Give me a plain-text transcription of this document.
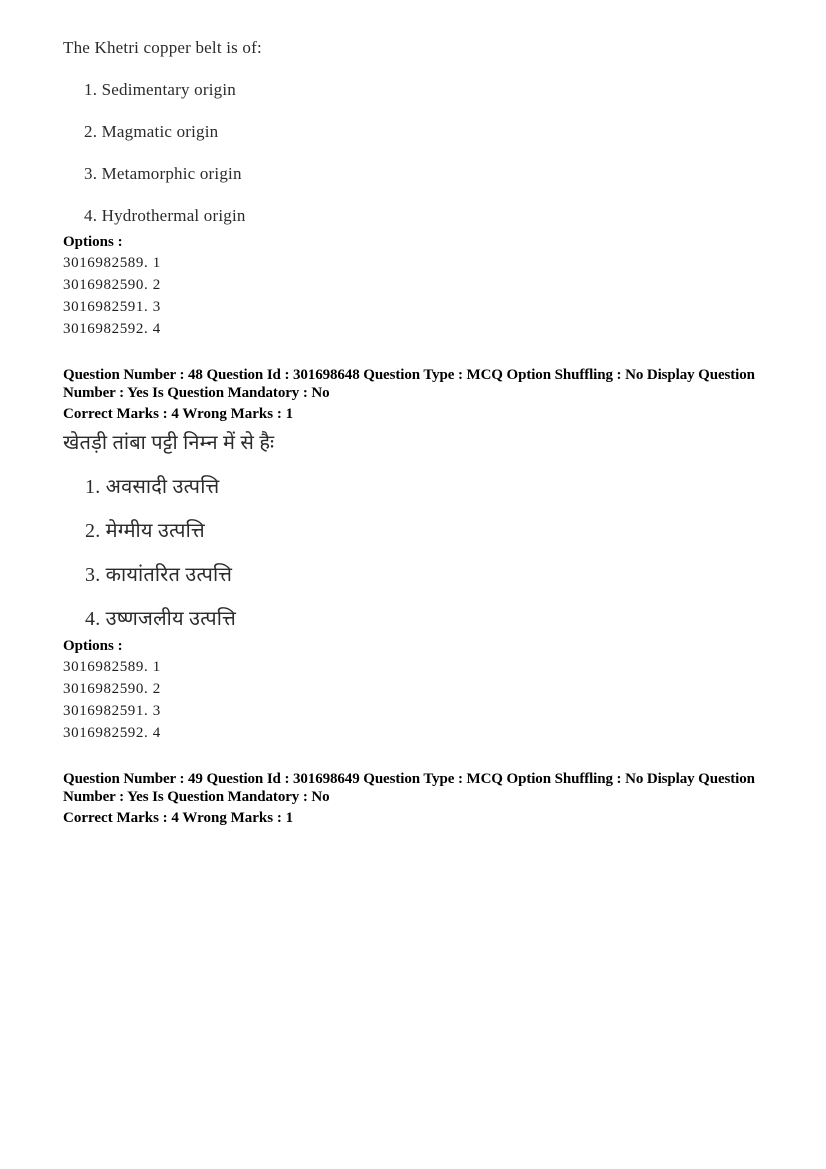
The Khetri copper belt is of:

1. Sedimentary origin
2. Magmatic origin
3. Metamorphic origin
4. Hydrothermal origin

Options :

3016982589. 1
3016982590. 2
3016982591. 3
3016982592. 4

Question Number : 48 Question Id : 301698648 Question Type : MCQ Option Shuffling : No Display Question

Number : Yes Is Question Mandatory : No

Correct Marks : 4 Wrong Marks : 1

खेतड़ी तांबा पट्टी निम्न में से हैः

1. अवसादी उत्पत्ति
2. मेग्मीय उत्पत्ति
3. कायांतरित उत्पत्ति
4. उष्णजलीय उत्पत्ति

Options :

3016982589. 1
3016982590. 2
3016982591. 3
3016982592. 4

Question Number : 49 Question Id : 301698649 Question Type : MCQ Option Shuffling : No Display Question

Number : Yes Is Question Mandatory : No

Correct Marks : 4 Wrong Marks : 1
